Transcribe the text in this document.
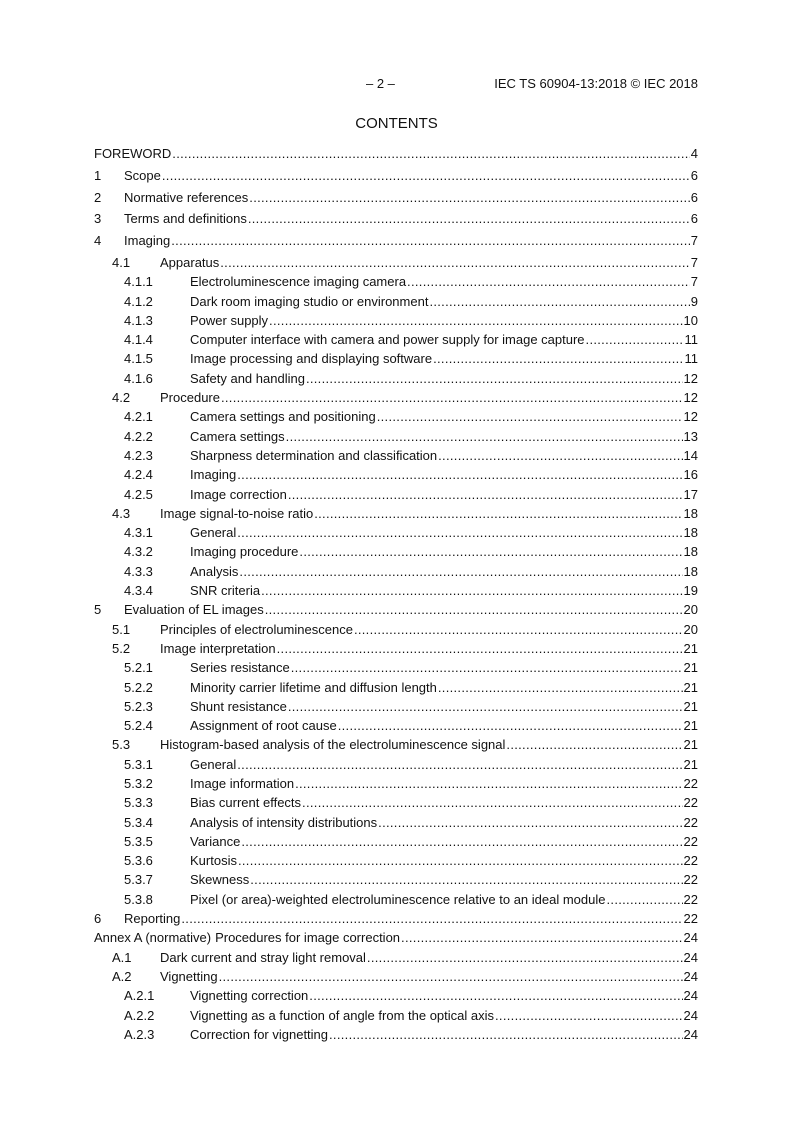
– 2 –	IEC TS 60904-13:2018 © IEC 2018
CONTENTS
FOREWORD .....	4
1	Scope .....	6
2	Normative references .....	6
3	Terms and definitions .....	6
4	Imaging .....	7
4.1	Apparatus .....	7
4.1.1	Electroluminescence imaging camera .....	7
4.1.2	Dark room imaging studio or environment .....	9
4.1.3	Power supply .....	10
4.1.4	Computer interface with camera and power supply for image capture .....	11
4.1.5	Image processing and displaying software .....	11
4.1.6	Safety and handling .....	12
4.2	Procedure .....	12
4.2.1	Camera settings and positioning .....	12
4.2.2	Camera settings .....	13
4.2.3	Sharpness determination and classification .....	14
4.2.4	Imaging .....	16
4.2.5	Image correction .....	17
4.3	Image signal-to-noise ratio .....	18
4.3.1	General .....	18
4.3.2	Imaging procedure .....	18
4.3.3	Analysis .....	18
4.3.4	SNR criteria .....	19
5	Evaluation of EL images .....	20
5.1	Principles of electroluminescence .....	20
5.2	Image interpretation .....	21
5.2.1	Series resistance .....	21
5.2.2	Minority carrier lifetime and diffusion length .....	21
5.2.3	Shunt resistance .....	21
5.2.4	Assignment of root cause .....	21
5.3	Histogram-based analysis of the electroluminescence signal .....	21
5.3.1	General .....	21
5.3.2	Image information .....	22
5.3.3	Bias current effects .....	22
5.3.4	Analysis of intensity distributions .....	22
5.3.5	Variance .....	22
5.3.6	Kurtosis .....	22
5.3.7	Skewness .....	22
5.3.8	Pixel (or area)-weighted electroluminescence relative to an ideal module .....	22
6	Reporting .....	22
Annex A (normative) Procedures for image correction .....	24
A.1	Dark current and stray light removal .....	24
A.2	Vignetting .....	24
A.2.1	Vignetting correction .....	24
A.2.2	Vignetting as a function of angle from the optical axis .....	24
A.2.3	Correction for vignetting .....	24
